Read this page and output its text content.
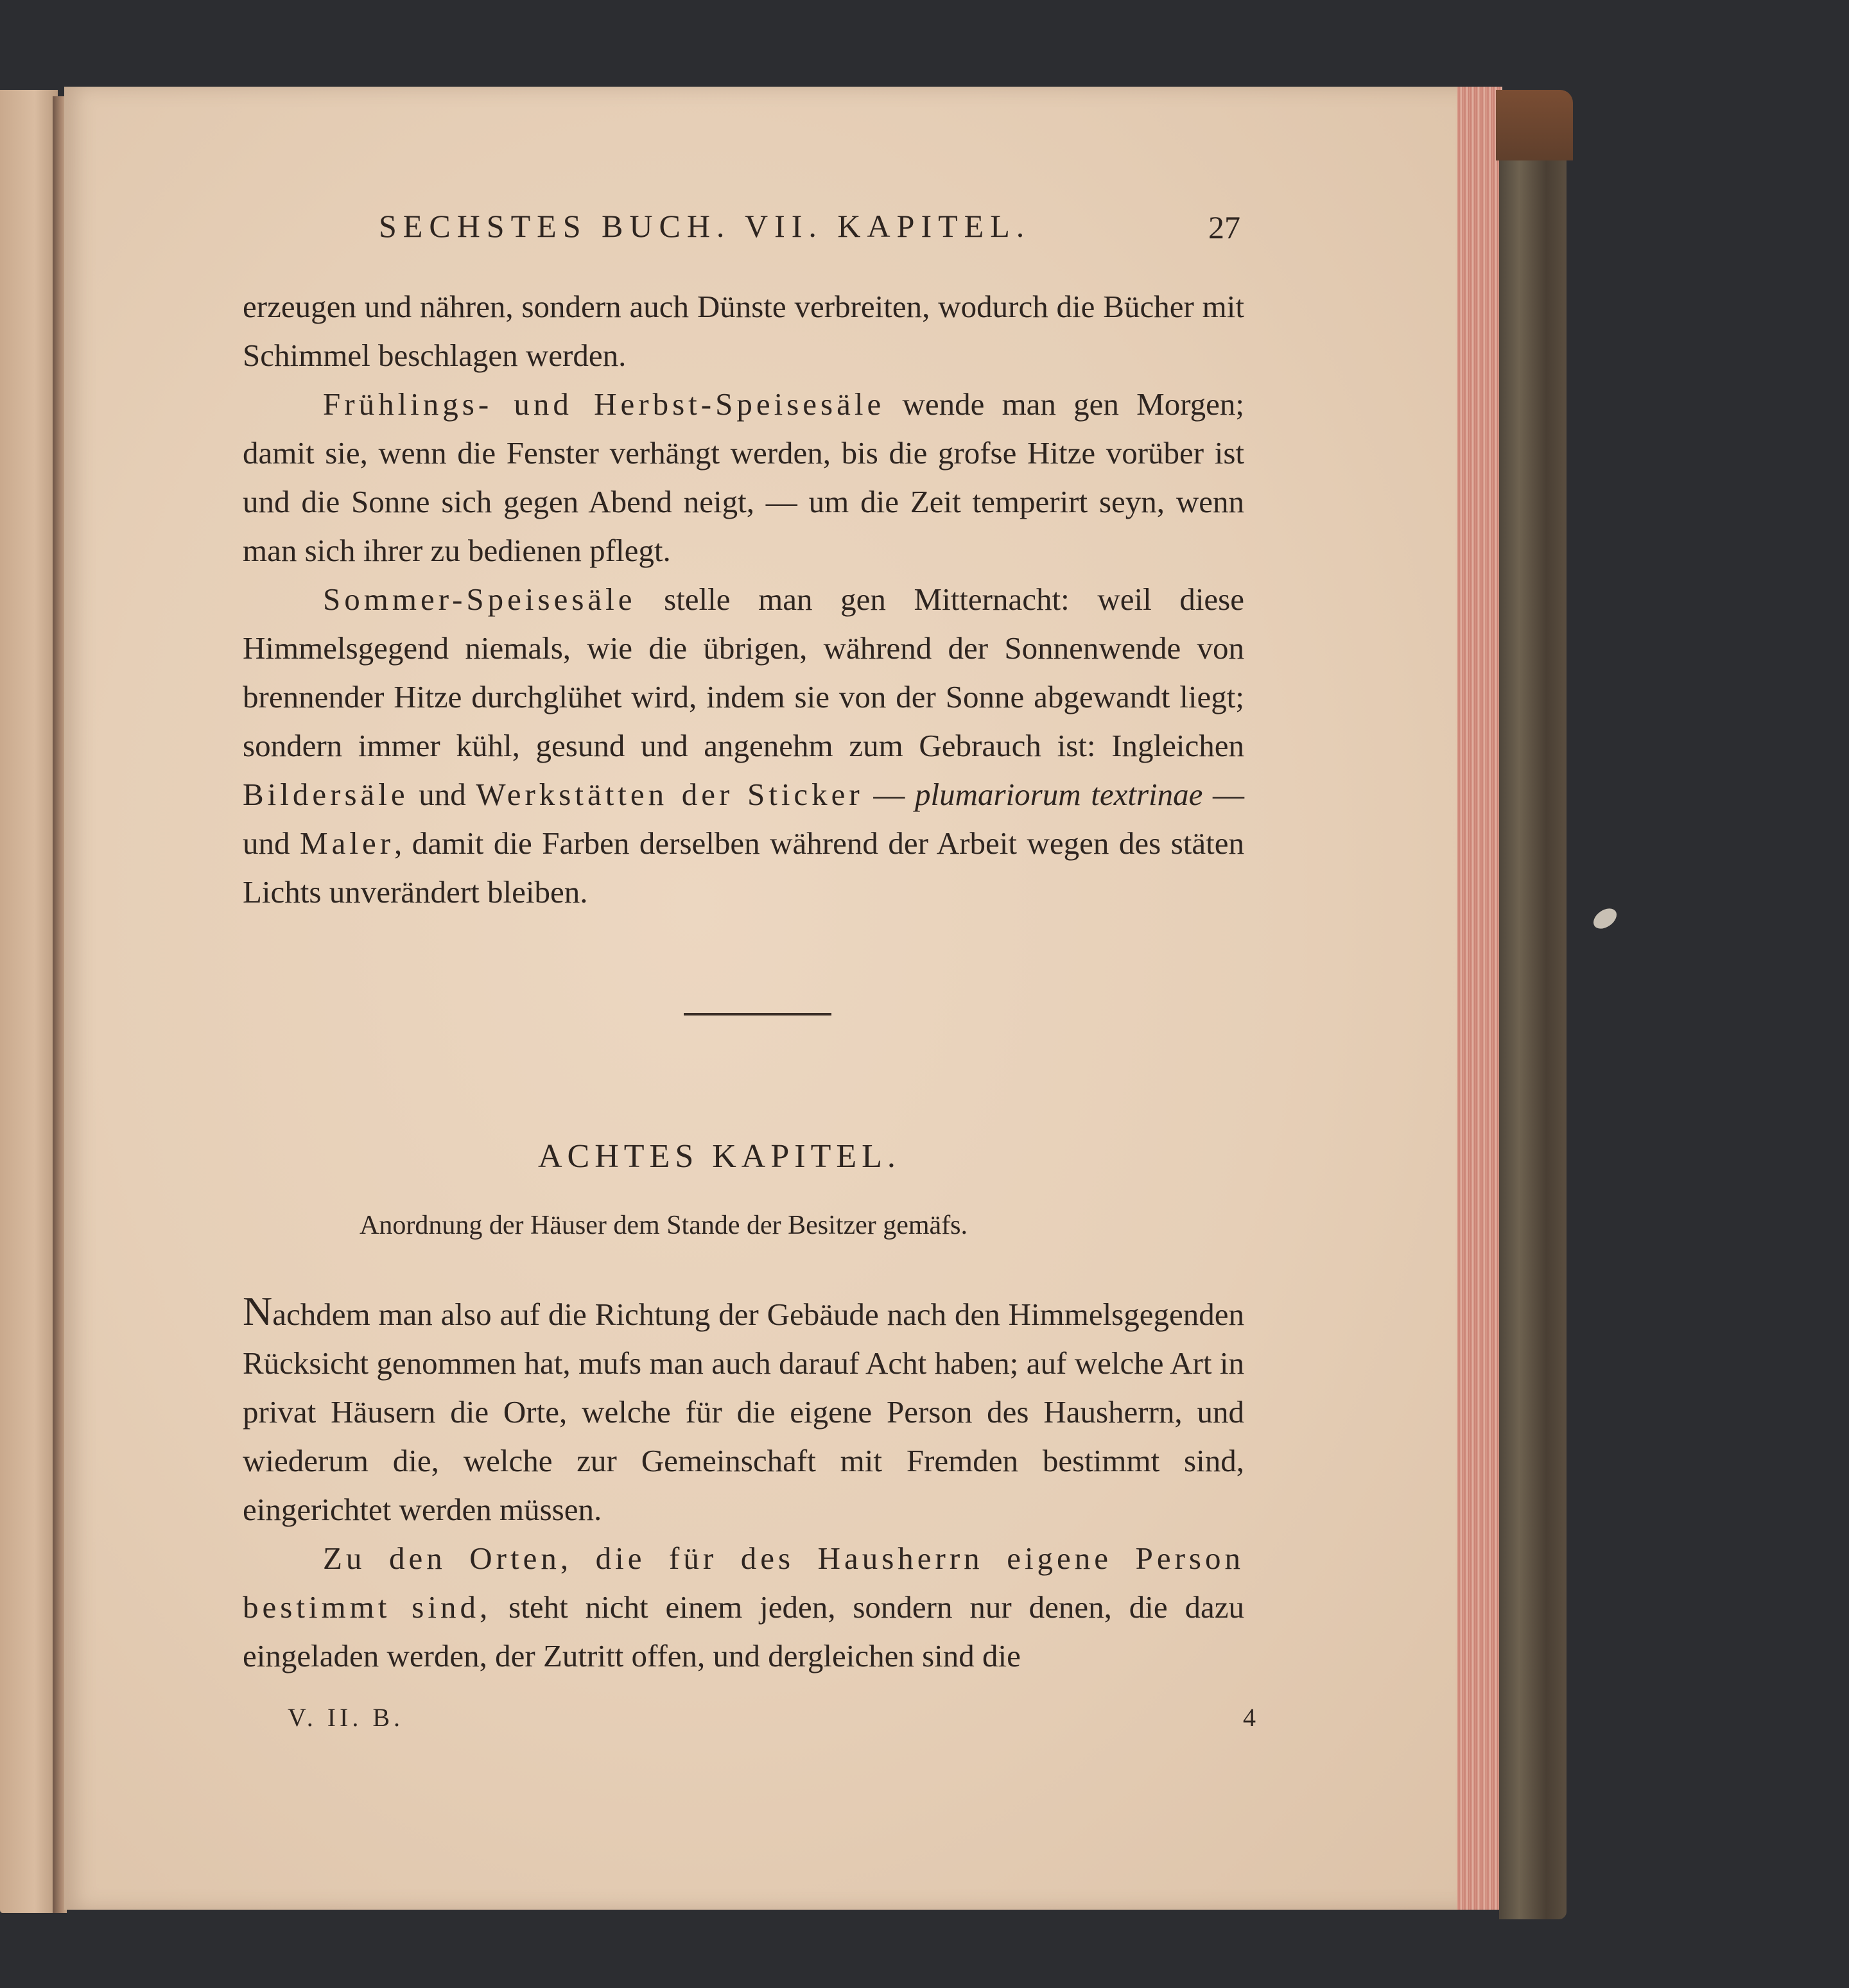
SECHSTES BUCH. VII. KAPITEL.	27

erzeugen und nähren, sondern auch Dünste verbreiten, wodurch die Bücher mit Schimmel beschlagen werden.

Frühlings- und Herbst-Speisesäle wende man gen Morgen; damit sie, wenn die Fenster verhängt werden, bis die grofse Hitze vorüber ist und die Sonne sich gegen Abend neigt, — um die Zeit temperirt seyn, wenn man sich ihrer zu bedienen pflegt.

Sommer-Speisesäle stelle man gen Mitternacht: weil diese Himmelsgegend niemals, wie die übrigen, während der Sonnenwende von brennender Hitze durchglühet wird, indem sie von der Sonne abgewandt liegt; sondern immer kühl, gesund und angenehm zum Gebrauch ist: Ingleichen Bildersäle und Werkstätten der Sticker — plumariorum textrinae — und Maler, damit die Farben derselben während der Arbeit wegen des stäten Lichts unverändert bleiben.

ACHTES KAPITEL.
Anordnung der Häuser dem Stande der Besitzer gemäfs.

Nachdem man also auf die Richtung der Gebäude nach den Himmelsgegenden Rücksicht genommen hat, mufs man auch darauf Acht haben; auf welche Art in privat Häusern die Orte, welche für die eigene Person des Hausherrn, und wiederum die, welche zur Gemeinschaft mit Fremden bestimmt sind, eingerichtet werden müssen.

Zu den Orten, die für des Hausherrn eigene Person bestimmt sind, steht nicht einem jeden, sondern nur denen, die dazu eingeladen werden, der Zutritt offen, und dergleichen sind die

V. II. B.	4
